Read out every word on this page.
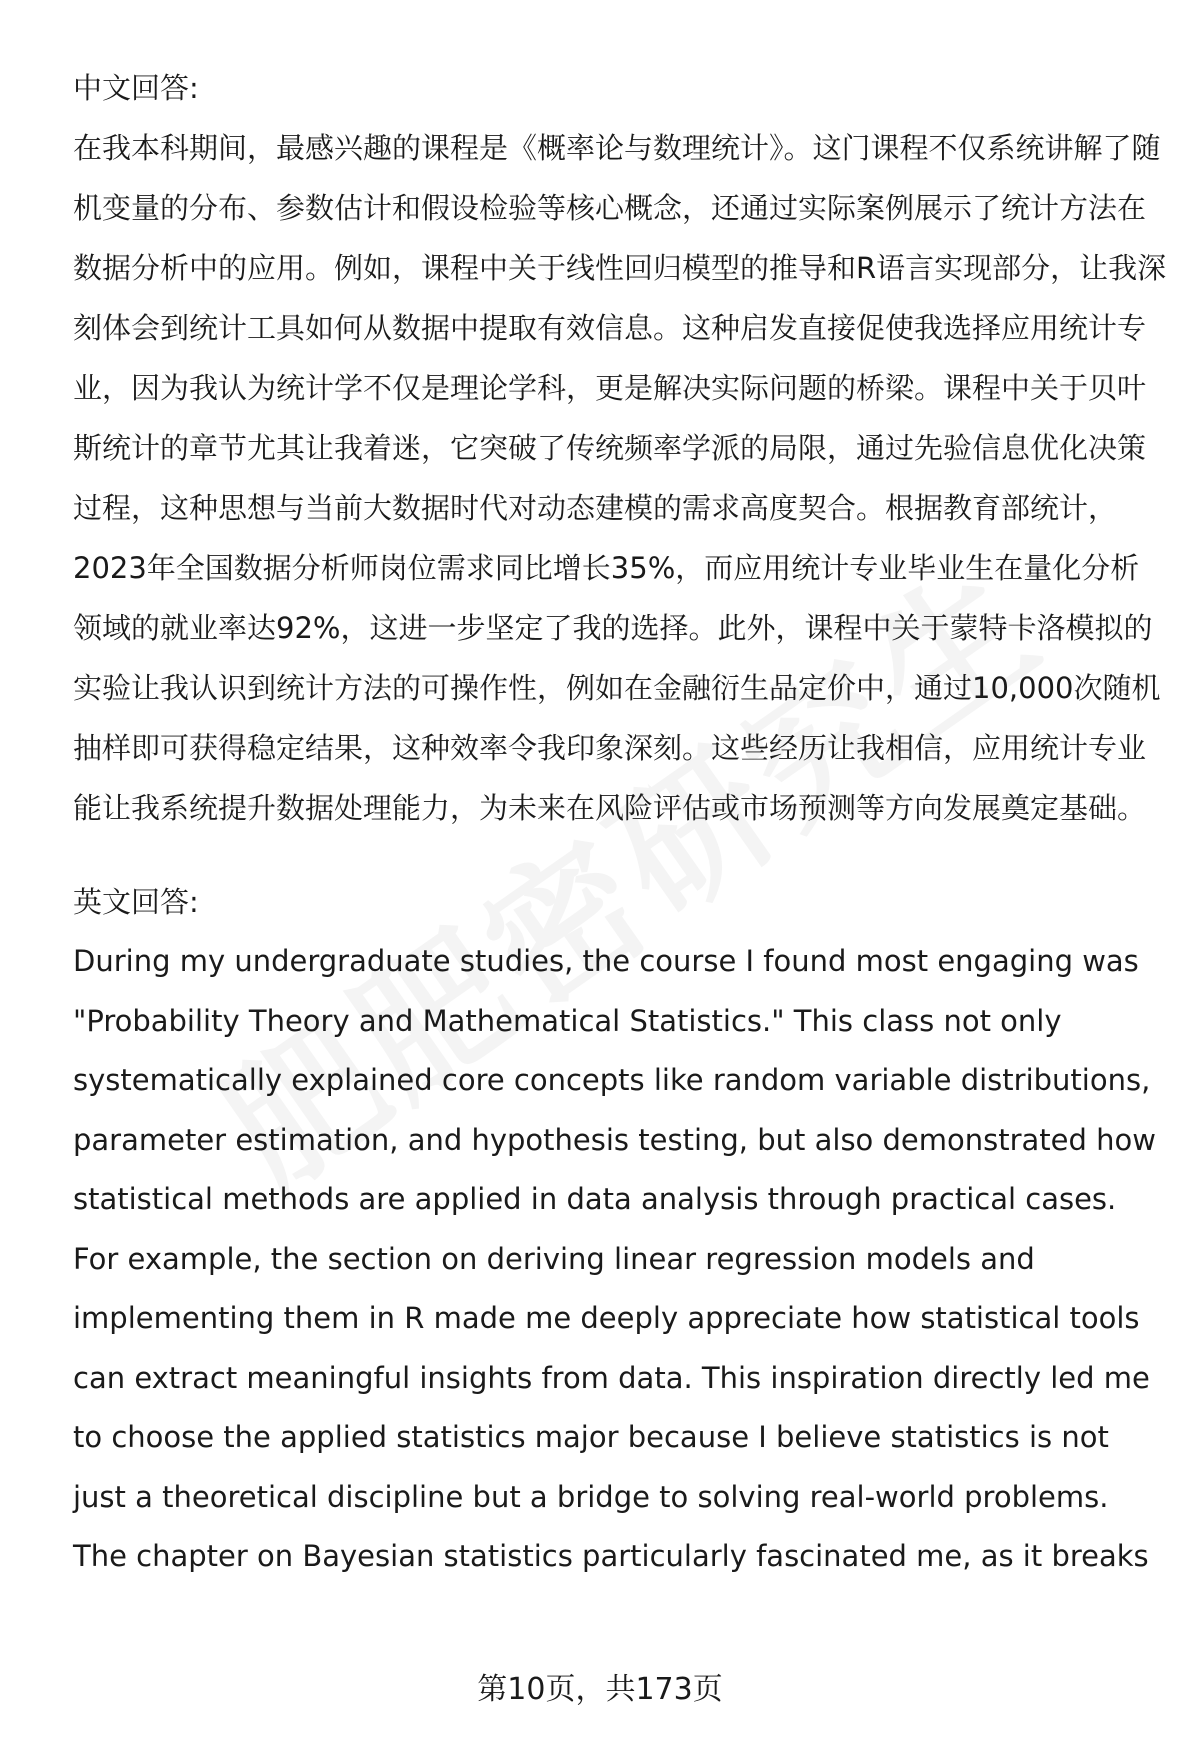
中文回答:

在我本科期间，最感兴趣的课程是《概率论与数理统计》。这门课程不仅系统讲解了随机变量的分布、参数估计和假设检验等核心概念，还通过实际案例展示了统计方法在数据分析中的应用。例如，课程中关于线性回归模型的推导和R语言实现部分，让我深刻体会到统计工具如何从数据中提取有效信息。这种启发直接促使我选择应用统计专业，因为我认为统计学不仅是理论学科，更是解决实际问题的桥梁。课程中关于贝叶斯统计的章节尤其让我着迷，它突破了传统频率学派的局限，通过先验信息优化决策过程，这种思想与当前大数据时代对动态建模的需求高度契合。根据教育部统计，2023年全国数据分析师岗位需求同比增长35%，而应用统计专业毕业生在量化分析领域的就业率达92%，这进一步坚定了我的选择。此外，课程中关于蒙特卡洛模拟的实验让我认识到统计方法的可操作性，例如在金融衍生品定价中，通过10,000次随机抽样即可获得稳定结果，这种效率令我印象深刻。这些经历让我相信，应用统计专业能让我系统提升数据处理能力，为未来在风险评估或市场预测等方向发展奠定基础。

英文回答:

During my undergraduate studies, the course I found most engaging was "Probability Theory and Mathematical Statistics." This class not only systematically explained core concepts like random variable distributions, parameter estimation, and hypothesis testing, but also demonstrated how statistical methods are applied in data analysis through practical cases. For example, the section on deriving linear regression models and implementing them in R made me deeply appreciate how statistical tools can extract meaningful insights from data. This inspiration directly led me to choose the applied statistics major because I believe statistics is not just a theoretical discipline but a bridge to solving real-world problems. The chapter on Bayesian statistics particularly fascinated me, as it breaks

第10页，共173页
